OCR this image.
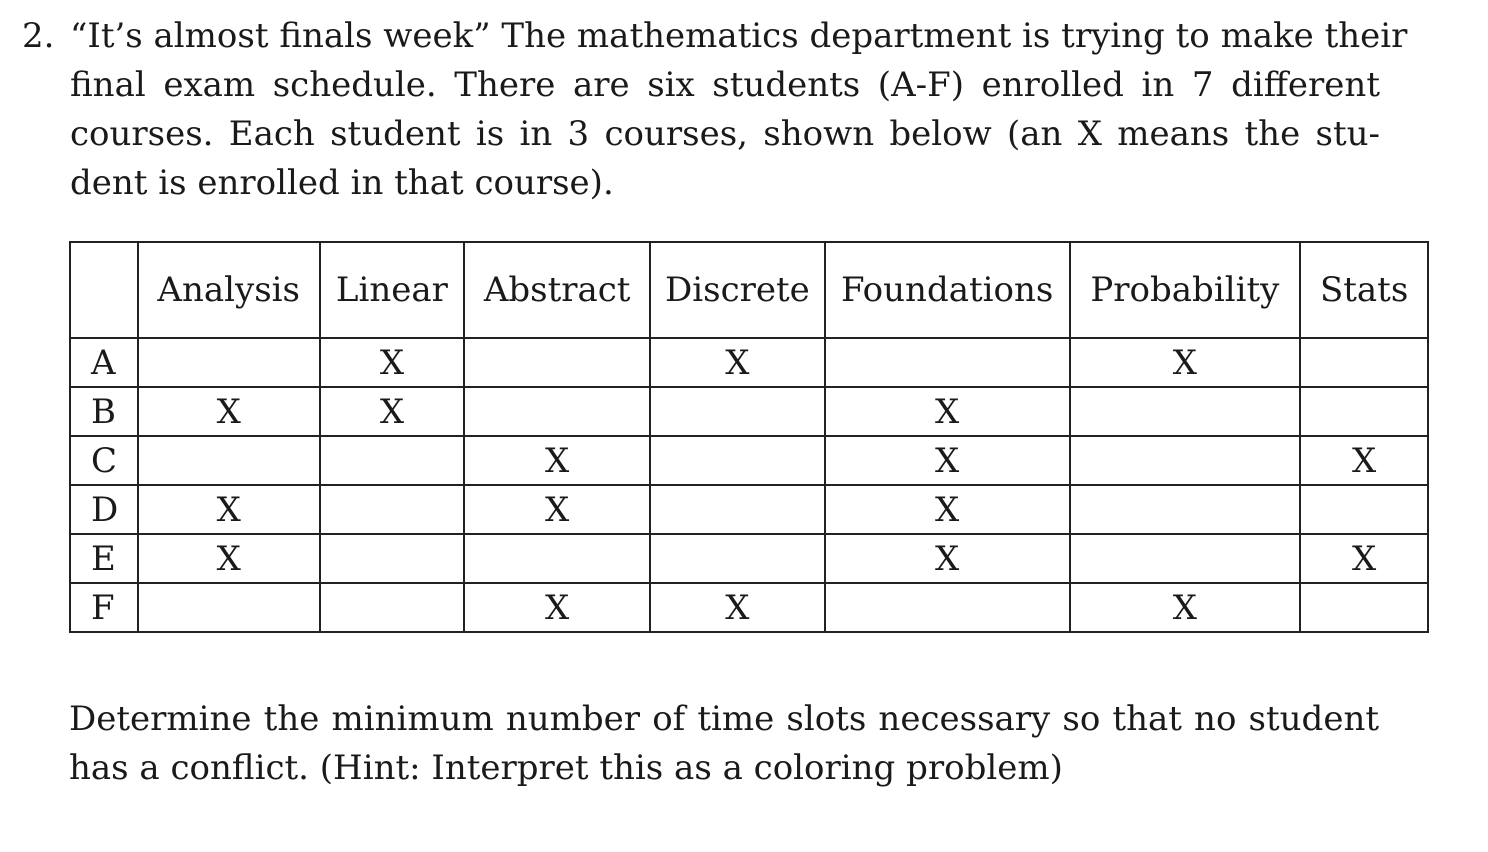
2. “It’s almost finals week” The mathematics department is trying to make their
final exam schedule. There are six students (A-F) enrolled in 7 different
courses. Each student is in 3 courses, shown below (an X means the stu-
dent is enrolled in that course).
	Analysis	Linear	Abstract	Discrete	Foundations	Probability	Stats
A		X		X		X	
B	X	X			X		
C			X		X		X
D	X		X		X		
E	X				X		X
F			X	X		X	
Determine the minimum number of time slots necessary so that no student
has a conflict. (Hint: Interpret this as a coloring problem)
